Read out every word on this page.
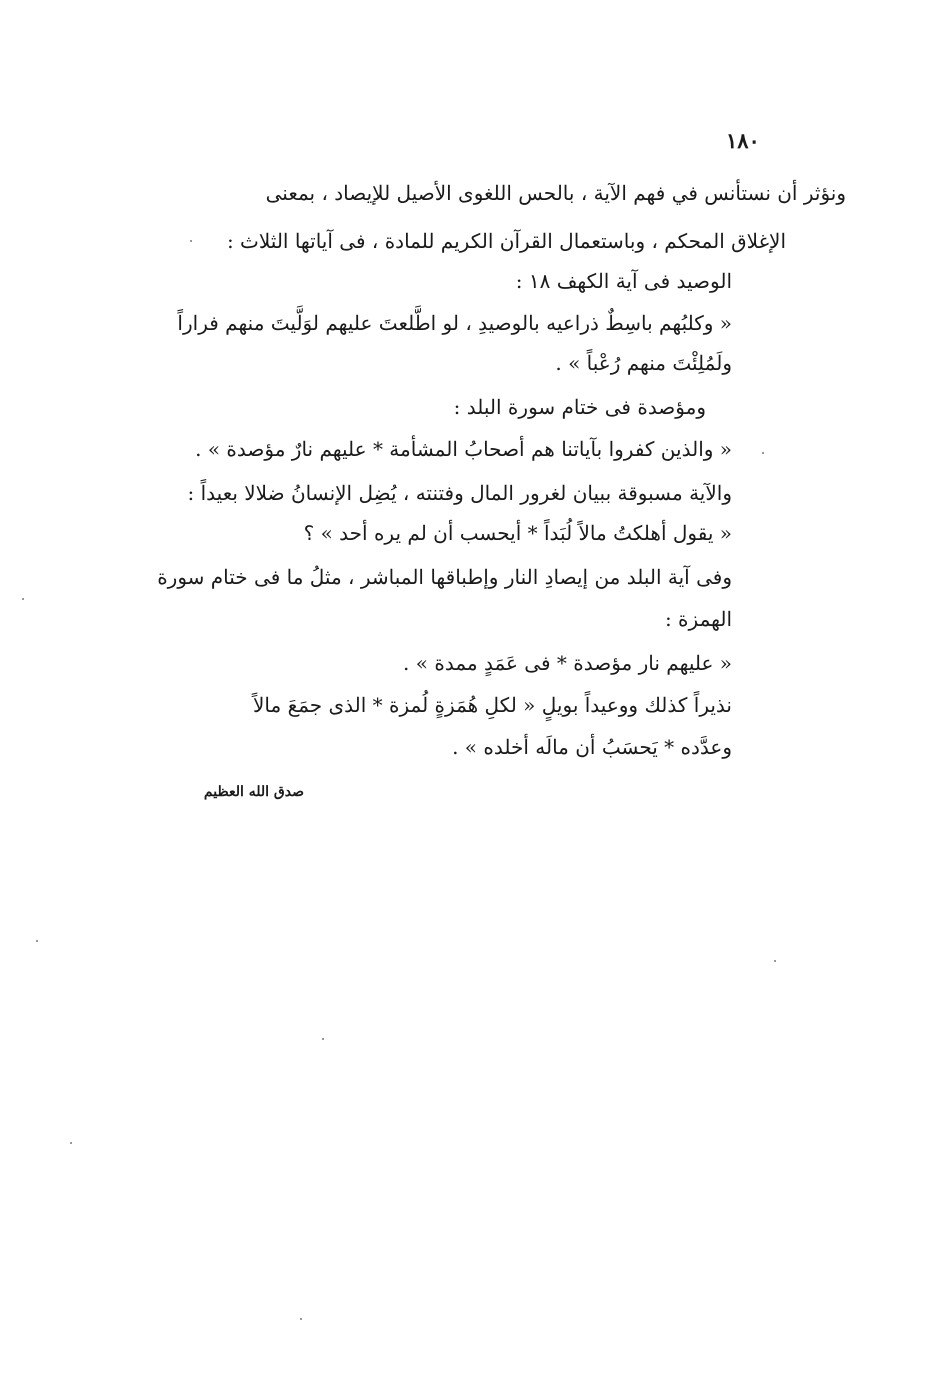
١٨٠
ونؤثر أن نستأنس في فهم الآية ، بالحس اللغوى الأصيل للإيصاد ، بمعنى
الإغلاق المحكم ، وباستعمال القرآن الكريم للمادة ، فى آياتها الثلاث :
الوصيد فى آية الكهف ١٨ :
« وكلبُهم باسِطٌ ذراعيه بالوصيدِ ، لو اطَّلعتَ عليهم لوَلَّيتَ منهم فراراً
ولَمُلِئْتَ منهم رُعْباً » .
ومؤصدة فى ختام سورة البلد :
« والذين كفروا بآياتنا هم أصحابُ المشأمة * عليهم نارٌ مؤصدة » .
والآية مسبوقة ببيان لغرور المال وفتنته ، يُضِل الإنسانُ ضلالا بعيداً :
« يقول أهلكتُ مالاً لُبَداً * أيحسب أن لم يره أحد » ؟
وفى آية البلد من إيصادِ النار وإطباقها المباشر ، مثلُ ما فى ختام سورة
الهمزة :
« عليهم نار مؤصدة * فى عَمَدٍ ممدة » .
نذيراً كذلك ووعيداً بويلٍ « لكلِ هُمَزةٍ لُمزة * الذى جمَعَ مالاً
وعدَّده * يَحسَبُ أن مالَه أخلده » .
صدق الله العظيم
